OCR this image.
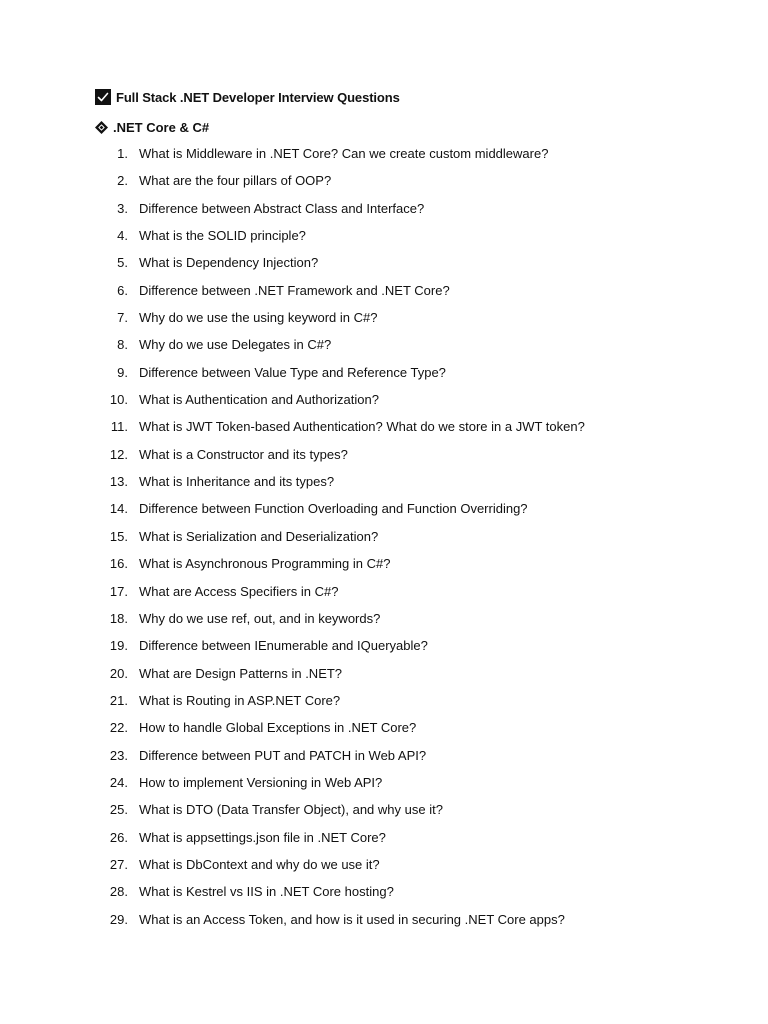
Full Stack .NET Developer Interview Questions
.NET Core & C#
1. What is Middleware in .NET Core? Can we create custom middleware?
2. What are the four pillars of OOP?
3. Difference between Abstract Class and Interface?
4. What is the SOLID principle?
5. What is Dependency Injection?
6. Difference between .NET Framework and .NET Core?
7. Why do we use the using keyword in C#?
8. Why do we use Delegates in C#?
9. Difference between Value Type and Reference Type?
10. What is Authentication and Authorization?
11. What is JWT Token-based Authentication? What do we store in a JWT token?
12. What is a Constructor and its types?
13. What is Inheritance and its types?
14. Difference between Function Overloading and Function Overriding?
15. What is Serialization and Deserialization?
16. What is Asynchronous Programming in C#?
17. What are Access Specifiers in C#?
18. Why do we use ref, out, and in keywords?
19. Difference between IEnumerable and IQueryable?
20. What are Design Patterns in .NET?
21. What is Routing in ASP.NET Core?
22. How to handle Global Exceptions in .NET Core?
23. Difference between PUT and PATCH in Web API?
24. How to implement Versioning in Web API?
25. What is DTO (Data Transfer Object), and why use it?
26. What is appsettings.json file in .NET Core?
27. What is DbContext and why do we use it?
28. What is Kestrel vs IIS in .NET Core hosting?
29. What is an Access Token, and how is it used in securing .NET Core apps?
